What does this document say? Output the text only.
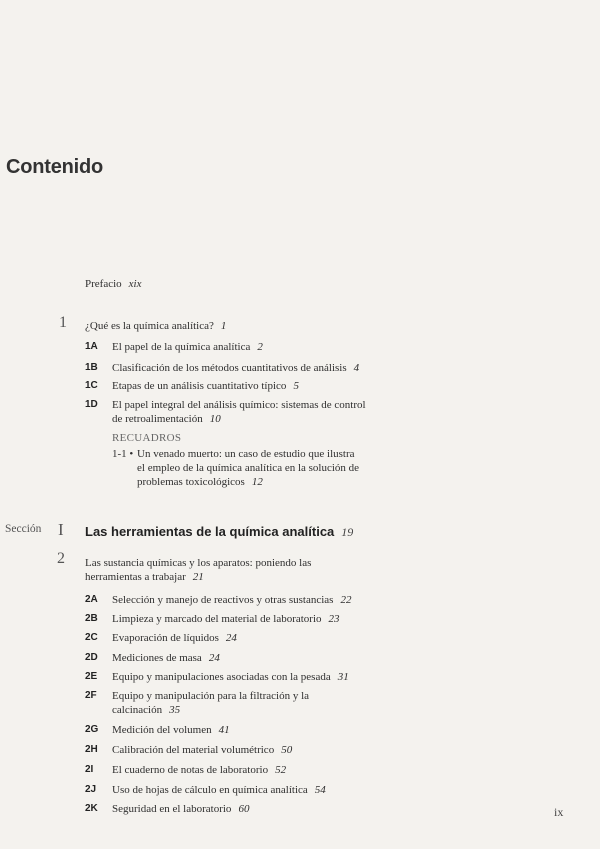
Contenido
Prefacio xix
1 ¿Qué es la química analítica? 1
1A El papel de la química analítica 2
1B Clasificación de los métodos cuantitativos de análisis 4
1C Etapas de un análisis cuantitativo típico 5
1D El papel integral del análisis químico: sistemas de control
de retroalimentación 10
RECUADROS
1-1 • Un venado muerto: un caso de estudio que ilustra
el empleo de la química analítica en la solución de
problemas toxicológicos 12
Sección I Las herramientas de la química analítica 19
2 Las sustancia químicas y los aparatos: poniendo las
herramientas a trabajar 21
2A Selección y manejo de reactivos y otras sustancias 22
2B Limpieza y marcado del material de laboratorio 23
2C Evaporación de líquidos 24
2D Mediciones de masa 24
2E Equipo y manipulaciones asociadas con la pesada 31
2F Equipo y manipulación para la filtración y la
calcinación 35
2G Medición del volumen 41
2H Calibración del material volumétrico 50
2I El cuaderno de notas de laboratorio 52
2J Uso de hojas de cálculo en química analítica 54
2K Seguridad en el laboratorio 60	ix
